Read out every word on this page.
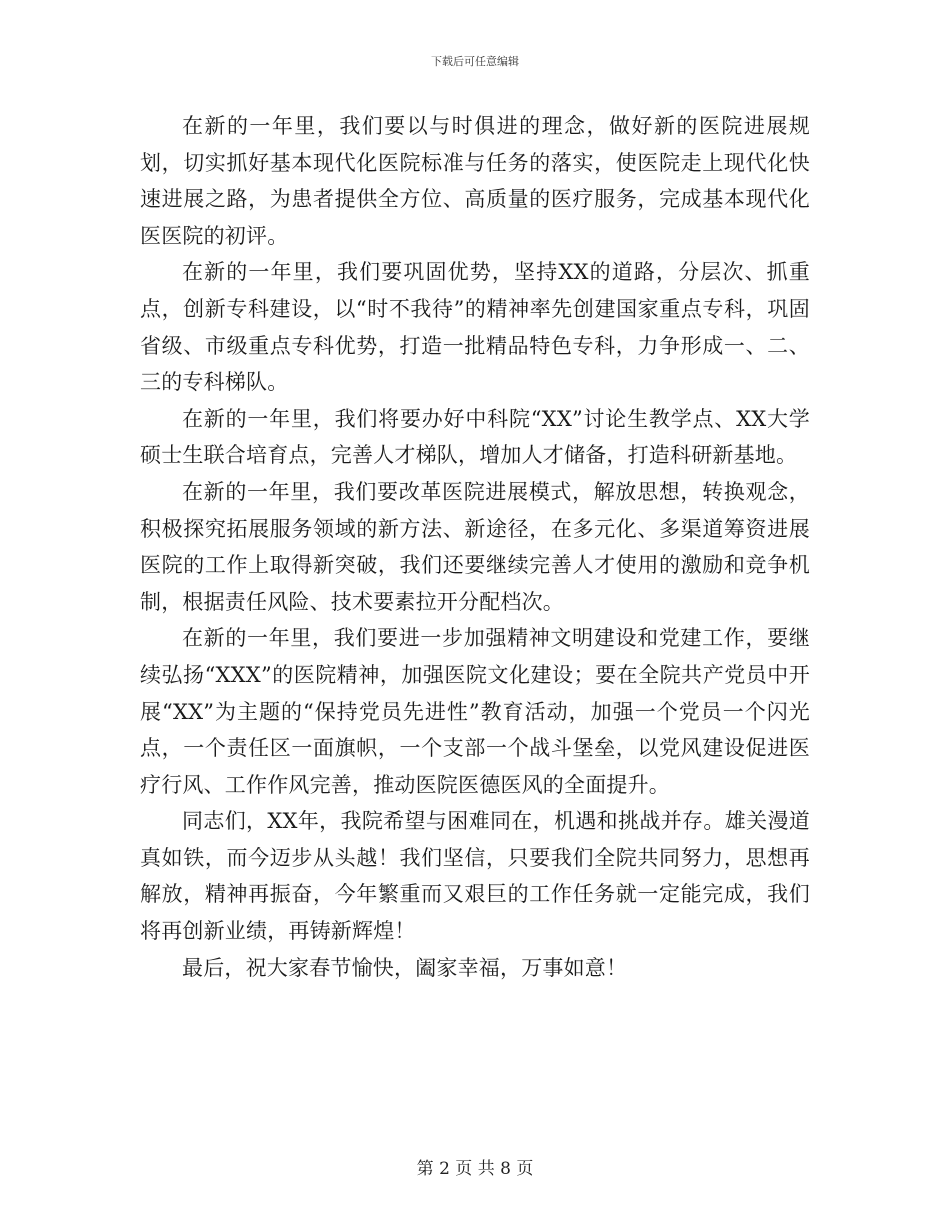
下载后可任意编辑

在新的一年里，我们要以与时俱进的理念，做好新的医院进展规划，切实抓好基本现代化医院标准与任务的落实，使医院走上现代化快速进展之路，为患者提供全方位、高质量的医疗服务，完成基本现代化医医院的初评。

在新的一年里，我们要巩固优势，坚持XX的道路，分层次、抓重点，创新专科建设，以“时不我待”的精神率先创建国家重点专科，巩固省级、市级重点专科优势，打造一批精品特色专科，力争形成一、二、三的专科梯队。

在新的一年里，我们将要办好中科院“XX”讨论生教学点、XX大学硕士生联合培育点，完善人才梯队，增加人才储备，打造科研新基地。

在新的一年里，我们要改革医院进展模式，解放思想，转换观念，积极探究拓展服务领域的新方法、新途径，在多元化、多渠道筹资进展医院的工作上取得新突破，我们还要继续完善人才使用的激励和竞争机制，根据责任风险、技术要素拉开分配档次。

在新的一年里，我们要进一步加强精神文明建设和党建工作，要继续弘扬“XXX”的医院精神，加强医院文化建设；要在全院共产党员中开展“XX”为主题的“保持党员先进性”教育活动，加强一个党员一个闪光点，一个责任区一面旗帜，一个支部一个战斗堡垒，以党风建设促进医疗行风、工作作风完善，推动医院医德医风的全面提升。

同志们，XX年，我院希望与困难同在，机遇和挑战并存。雄关漫道真如铁，而今迈步从头越！我们坚信，只要我们全院共同努力，思想再解放，精神再振奋，今年繁重而又艰巨的工作任务就一定能完成，我们将再创新业绩，再铸新辉煌！

最后，祝大家春节愉快，阖家幸福，万事如意！

第 2 页 共 8 页
